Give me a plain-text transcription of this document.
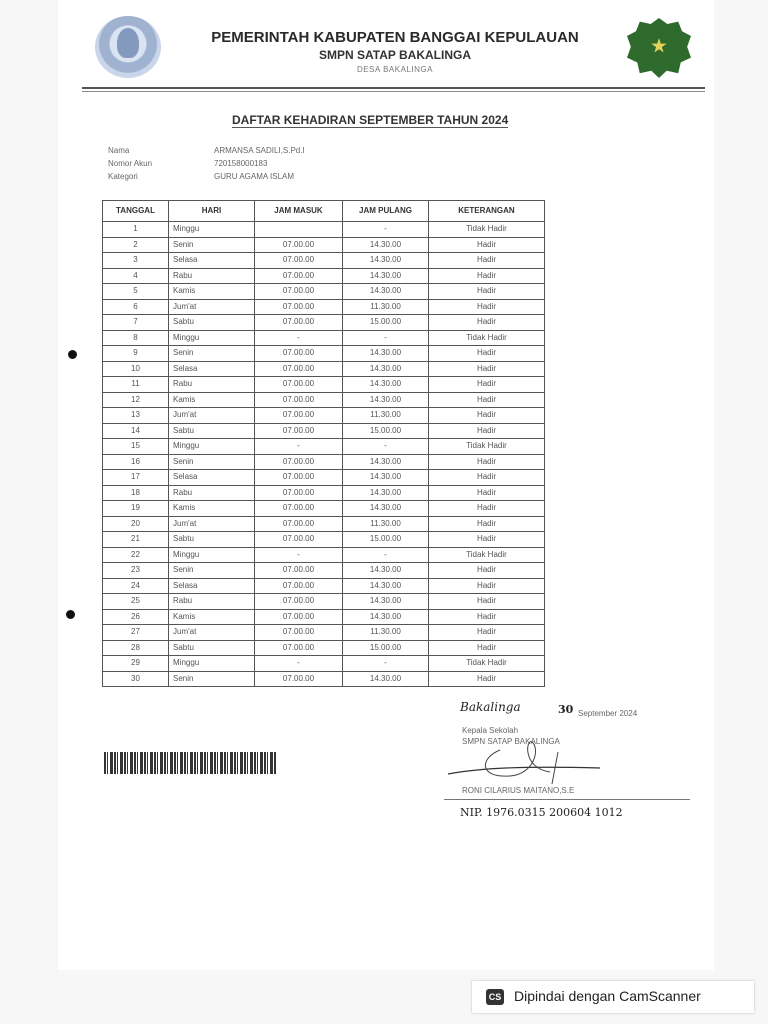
PEMERINTAH KABUPATEN BANGGAI KEPULAUAN
SMPN SATAP BAKALINGA
DESA BAKALINGA
DAFTAR KEHADIRAN SEPTEMBER TAHUN 2024
Nama	ARMANSA SADILI,S.Pd.I
Nomor Akun	720158000183
Kategori	GURU AGAMA ISLAM
TANGGAL	HARI	JAM MASUK	JAM PULANG	KETERANGAN
1	Minggu		-	Tidak Hadir
2	Senin	07.00.00	14.30.00	Hadir
3	Selasa	07.00.00	14.30.00	Hadir
4	Rabu	07.00.00	14.30.00	Hadir
5	Kamis	07.00.00	14.30.00	Hadir
6	Jum'at	07.00.00	11.30.00	Hadir
7	Sabtu	07.00.00	15.00.00	Hadir
8	Minggu	-	-	Tidak Hadir
9	Senin	07.00.00	14.30.00	Hadir
10	Selasa	07.00.00	14.30.00	Hadir
11	Rabu	07.00.00	14.30.00	Hadir
12	Kamis	07.00.00	14.30.00	Hadir
13	Jum'at	07.00.00	11.30.00	Hadir
14	Sabtu	07.00.00	15.00.00	Hadir
15	Minggu	-	-	Tidak Hadir
16	Senin	07.00.00	14.30.00	Hadir
17	Selasa	07.00.00	14.30.00	Hadir
18	Rabu	07.00.00	14.30.00	Hadir
19	Kamis	07.00.00	14.30.00	Hadir
20	Jum'at	07.00.00	11.30.00	Hadir
21	Sabtu	07.00.00	15.00.00	Hadir
22	Minggu	-	-	Tidak Hadir
23	Senin	07.00.00	14.30.00	Hadir
24	Selasa	07.00.00	14.30.00	Hadir
25	Rabu	07.00.00	14.30.00	Hadir
26	Kamis	07.00.00	14.30.00	Hadir
27	Jum'at	07.00.00	11.30.00	Hadir
28	Sabtu	07.00.00	15.00.00	Hadir
29	Minggu	-	-	Tidak Hadir
30	Senin	07.00.00	14.30.00	Hadir
Bakalinga	30 September 2024
Kepala Sekolah
SMPN SATAP BAKALINGA
RONI CILARIUS MAITANO,S.E
NIP. 1976.0315 200604 1012
CS Dipindai dengan CamScanner
